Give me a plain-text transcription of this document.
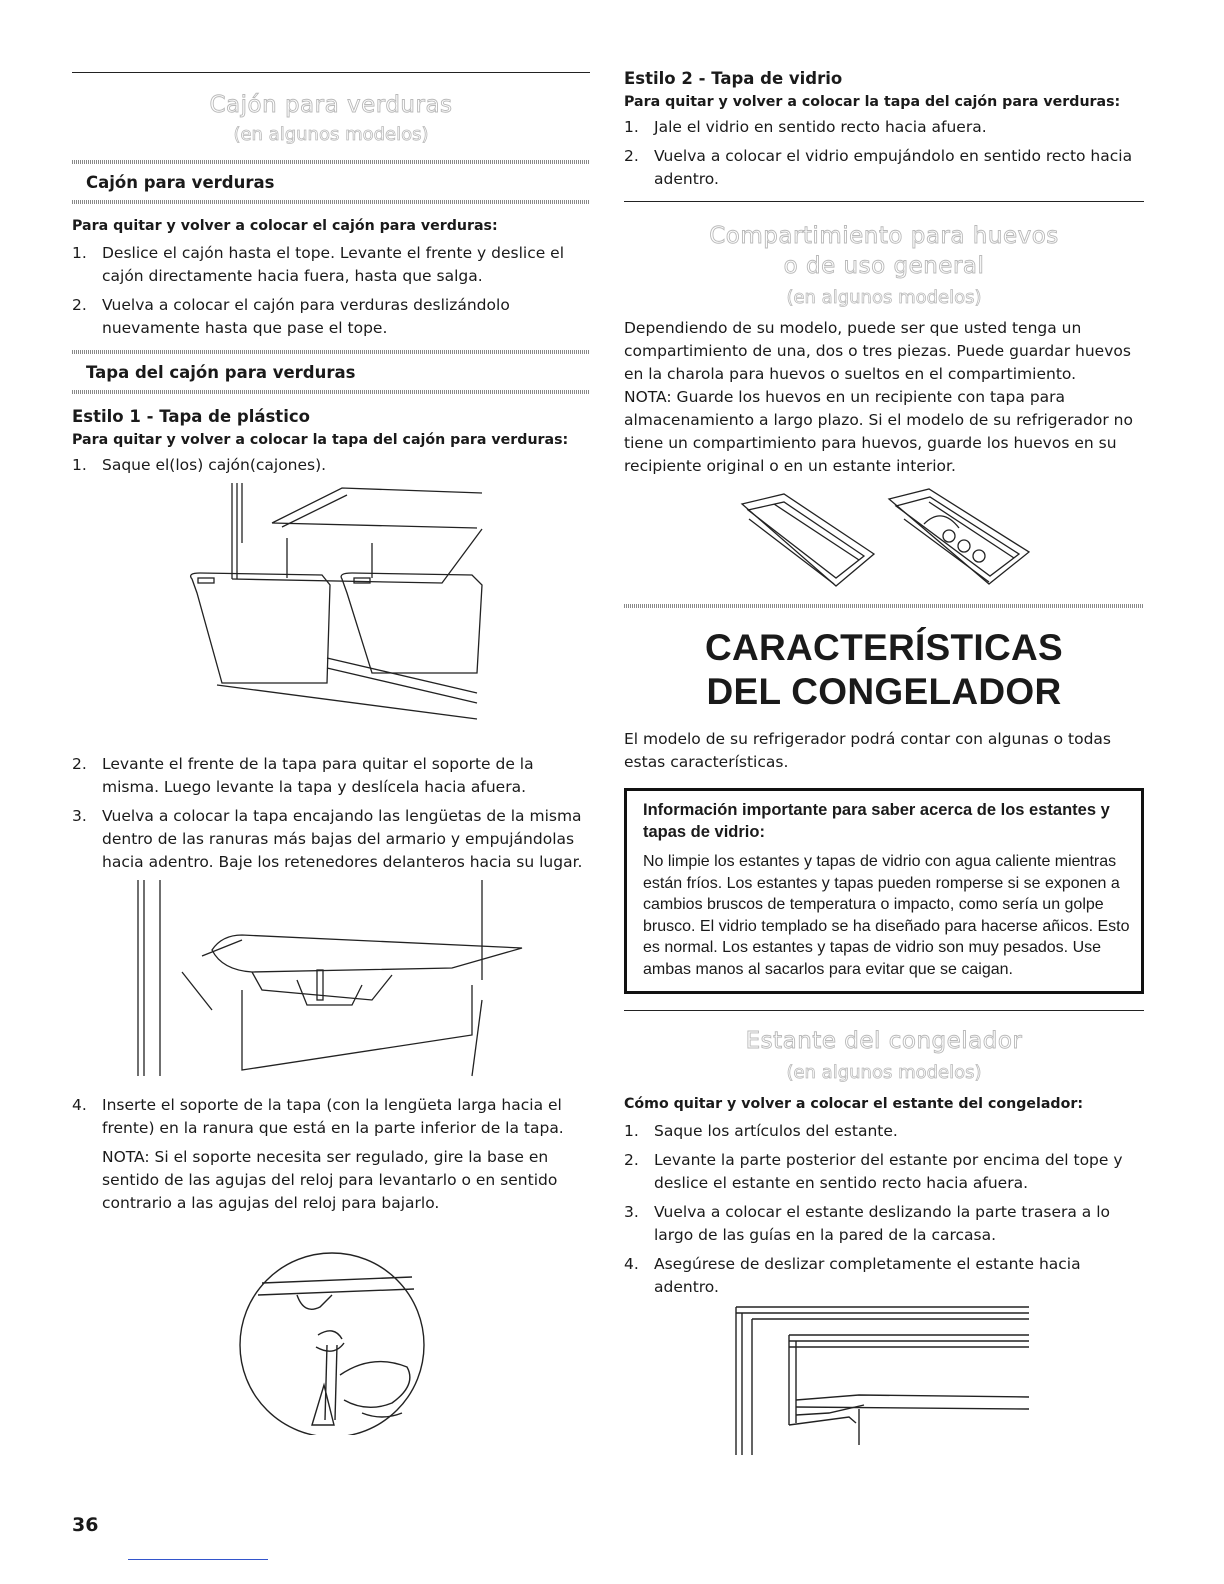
Cajón para verduras

(en algunos modelos)

Cajón para verduras

Para quitar y volver a colocar el cajón para verduras:

1. Deslice el cajón hasta el tope. Levante el frente y deslice el cajón directamente hacia fuera, hasta que salga.
2. Vuelva a colocar el cajón para verduras deslizándolo nuevamente hasta que pase el tope.

Tapa del cajón para verduras

Estilo 1 - Tapa de plástico

Para quitar y volver a colocar la tapa del cajón para verduras:

1. Saque el(los) cajón(cajones).
2. Levante el frente de la tapa para quitar el soporte de la misma. Luego levante la tapa y deslícela hacia afuera.
3. Vuelva a colocar la tapa encajando las lengüetas de la misma dentro de las ranuras más bajas del armario y empujándolas hacia adentro. Baje los retenedores delanteros hacia su lugar.
4. Inserte el soporte de la tapa (con la lengüeta larga hacia el frente) en la ranura que está en la parte inferior de la tapa.

NOTA: Si el soporte necesita ser regulado, gire la base en sentido de las agujas del reloj para levantarlo o en sentido contrario a las agujas del reloj para bajarlo.

Estilo 2 - Tapa de vidrio

Para quitar y volver a colocar la tapa del cajón para verduras:

1. Jale el vidrio en sentido recto hacia afuera.
2. Vuelva a colocar el vidrio empujándolo en sentido recto hacia adentro.

Compartimiento para huevos

o de uso general

(en algunos modelos)

Dependiendo de su modelo, puede ser que usted tenga un compartimiento de una, dos o tres piezas. Puede guardar huevos en la charola para huevos o sueltos en el compartimiento.

NOTA: Guarde los huevos en un recipiente con tapa para almacenamiento a largo plazo. Si el modelo de su refrigerador no tiene un compartimiento para huevos, guarde los huevos en su recipiente original o en un estante interior.

CARACTERÍSTICAS

DEL CONGELADOR

El modelo de su refrigerador podrá contar con algunas o todas estas características.

Información importante para saber acerca de los estantes y tapas de vidrio:

No limpie los estantes y tapas de vidrio con agua caliente mientras están fríos. Los estantes y tapas pueden romperse si se exponen a cambios bruscos de temperatura o impacto, como sería un golpe brusco. El vidrio templado se ha diseñado para hacerse añicos. Esto es normal. Los estantes y tapas de vidrio son muy pesados. Use ambas manos al sacarlos para evitar que se caigan.

Estante del congelador

(en algunos modelos)

Cómo quitar y volver a colocar el estante del congelador:

1. Saque los artículos del estante.
2. Levante la parte posterior del estante por encima del tope y deslice el estante en sentido recto hacia afuera.
3. Vuelva a colocar el estante deslizando la parte trasera a lo largo de las guías en la pared de la carcasa.
4. Asegúrese de deslizar completamente el estante hacia adentro.
36
